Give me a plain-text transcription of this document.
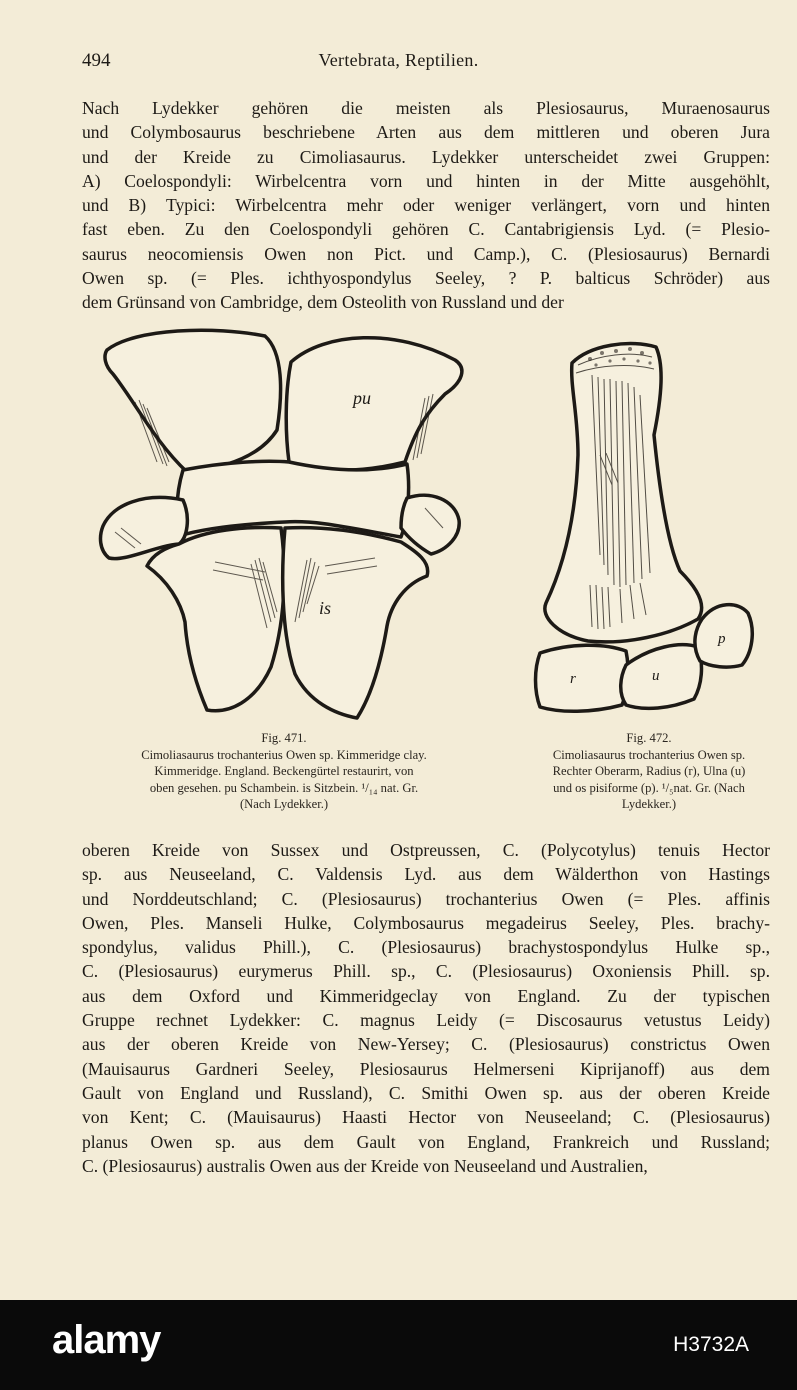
494	Vertebrata, Reptilien.
Nach Lydekker gehören die meisten als Plesiosaurus, Muraenosaurus
und Colymbosaurus beschriebene Arten aus dem mittleren und oberen Jura
und der Kreide zu Cimoliasaurus. Lydekker unterscheidet zwei Gruppen:
A) Coelospondyli: Wirbelcentra vorn und hinten in der Mitte ausgehöhlt,
und B) Typici: Wirbelcentra mehr oder weniger verlängert, vorn und hinten
fast eben. Zu den Coelospondyli gehören C. Cantabrigiensis Lyd. (= Plesio-
saurus neocomiensis Owen non Pict. und Camp.), C. (Plesiosaurus) Bernardi
Owen sp. (= Ples. ichthyospondylus Seeley, ? P. balticus Schröder) aus
dem Grünsand von Cambridge, dem Osteolith von Russland und der
pu
is
r	u
p
Fig. 471.
Cimoliasaurus trochanterius Owen sp. Kimmeridge clay.
Kimmeridge. England. Beckengürtel restaurirt, von
oben gesehen. pu Schambein. is Sitzbein. ¹/₁₄ nat. Gr.
(Nach Lydekker.)
Fig. 472.
Cimoliasaurus trochanterius Owen sp.
Rechter Oberarm, Radius (r), Ulna (u)
und os pisiforme (p). ¹/₅nat. Gr. (Nach
Lydekker.)
oberen Kreide von Sussex und Ostpreussen, C. (Polycotylus) tenuis Hector
sp. aus Neuseeland, C. Valdensis Lyd. aus dem Wälderthon von Hastings
und Norddeutschland; C. (Plesiosaurus) trochanterius Owen (= Ples. affinis
Owen, Ples. Manseli Hulke, Colymbosaurus megadeirus Seeley, Ples. brachy-
spondylus, validus Phill.), C. (Plesiosaurus) brachystospondylus Hulke sp.,
C. (Plesiosaurus) eurymerus Phill. sp., C. (Plesiosaurus) Oxoniensis Phill. sp.
aus dem Oxford und Kimmeridgeclay von England. Zu der typischen
Gruppe rechnet Lydekker: C. magnus Leidy (= Discosaurus vetustus Leidy)
aus der oberen Kreide von New-Yersey; C. (Plesiosaurus) constrictus Owen
(Mauisaurus Gardneri Seeley, Plesiosaurus Helmerseni Kiprijanoff) aus dem
Gault von England und Russland), C. Smithi Owen sp. aus der oberen Kreide
von Kent; C. (Mauisaurus) Haasti Hector von Neuseeland; C. (Plesiosaurus)
planus Owen sp. aus dem Gault von England, Frankreich und Russland;
C. (Plesiosaurus) australis Owen aus der Kreide von Neuseeland und Australien,
alamy	H3732A
